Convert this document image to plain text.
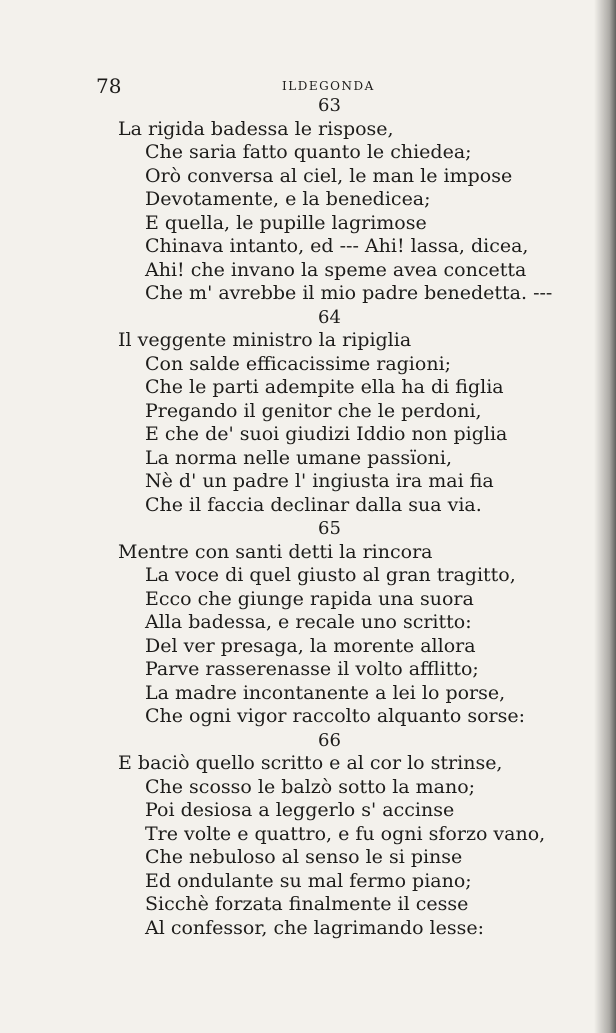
78	ILDEGONDA
63
La rigida badessa le rispose,
Che saria fatto quanto le chiedea;
Orò conversa al ciel, le man le impose
Devotamente, e la benedicea;
E quella, le pupille lagrimose
Chinava intanto, ed --- Ahi! lassa, dicea,
Ahi! che invano la speme avea concetta
Che m' avrebbe il mio padre benedetta. ---
64
Il veggente ministro la ripiglia
Con salde efficacissime ragioni;
Che le parti adempite ella ha di figlia
Pregando il genitor che le perdoni,
E che de' suoi giudizi Iddio non piglia
La norma nelle umane passïoni,
Nè d' un padre l' ingiusta ira mai fia
Che il faccia declinar dalla sua via.
65
Mentre con santi detti la rincora
La voce di quel giusto al gran tragitto,
Ecco che giunge rapida una suora
Alla badessa, e recale uno scritto:
Del ver presaga, la morente allora
Parve rasserenasse il volto afflitto;
La madre incontanente a lei lo porse,
Che ogni vigor raccolto alquanto sorse:
66
E baciò quello scritto e al cor lo strinse,
Che scosso le balzò sotto la mano;
Poi desiosa a leggerlo s' accinse
Tre volte e quattro, e fu ogni sforzo vano,
Che nebuloso al senso le si pinse
Ed ondulante su mal fermo piano;
Sicchè forzata finalmente il cesse
Al confessor, che lagrimando lesse:
